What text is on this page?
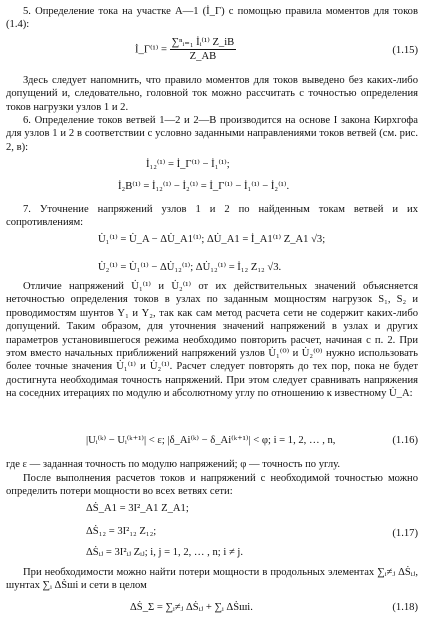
5. Определение тока на участке A—1 (İ_Г) с помощью правила моментов для токов (1.4):
İ_Г⁽¹⁾ = $\frac{\text{∑ⁿᵢ₌₁ İᵢ⁽¹⁾ Z\_iB}}{Z\_AB}$	(1.15)
Здесь следует напомнить, что правило моментов для токов выведено без каких-либо допущений и, следовательно, головной ток можно рассчитать с точностью определения токов нагрузки узлов 1 и 2.
6. Определение токов ветвей 1—2 и 2—B производится на основе I закона Кирхгофа для узлов 1 и 2 в соответствии с условно заданными направлениями токов ветвей (см. рис. 2, в):
İ₁₂⁽¹⁾ = İ_Г⁽¹⁾ − İ₁⁽¹⁾;
İ₂B⁽¹⁾ = İ₁₂⁽¹⁾ − İ₂⁽¹⁾ = İ_Г⁽¹⁾ − İ₁⁽¹⁾ − İ₂⁽¹⁾.
7. Уточнение напряжений узлов 1 и 2 по найденным токам ветвей и их сопротивлениям:
U̇₁⁽¹⁾ = U̇_A − ΔU̇_A1⁽¹⁾; ΔU̇_A1 = İ_A1⁽¹⁾ Z_A1 √3;
U̇₂⁽¹⁾ = U̇₁⁽¹⁾ − ΔU̇₁₂⁽¹⁾; ΔU̇₁₂⁽¹⁾ = İ₁₂ Z₁₂ √3.
Отличие напряжений U̇₁⁽¹⁾ и U̇₂⁽¹⁾ от их действительных значений объясняется неточностью определения токов в узлах по заданным мощностям нагрузок S₁, S₂ и проводимостям шунтов Y₁ и Y₂, так как сам метод расчета сети не содержит каких-либо допущений. Таким образом, для уточнения значений напряжений в узлах и других параметров установившегося режима необходимо повторить расчет, начиная с п. 2. При этом вместо начальных приближений напряжений узлов U̇₁⁽⁰⁾ и U̇₂⁽⁰⁾ нужно использовать более точные значения U̇₁⁽¹⁾ и U̇₂⁽¹⁾. Расчет следует повторять до тех пор, пока не будет достигнута необходимая точность напряжений. При этом следует сравнивать напряжения на соседних итерациях по модулю и абсолютному углу по отношению к известному U̇_A:
|Uᵢ⁽ᵏ⁾ − Uᵢ⁽ᵏ⁺¹⁾| < ε; |δ_Ai⁽ᵏ⁾ − δ_Ai⁽ᵏ⁺¹⁾| < φ; i = 1, 2, … , n,	(1.16)
где ε — заданная точность по модулю напряжений; φ — точность по углу.
После выполнения расчетов токов и напряжений с необходимой точностью можно определить потери мощности во всех ветвях сети:
ΔṠ_A1 = 3I²_A1 Z_A1;
ΔṠ₁₂ = 3I²₁₂ Z₁₂;	(1.17)
ΔṠᵢⱼ = 3I²ᵢⱼ Zᵢⱼ; i, j = 1, 2, … , n; i ≠ j.
При необходимости можно найти потери мощности в продольных элементах ∑ᵢ≠ⱼ ΔṠᵢⱼ, шунтах ∑ᵢ ΔṠшi и сети в целом
ΔṠ_Σ = ∑ᵢ≠ⱼ ΔṠᵢⱼ + ∑ᵢ ΔṠшi.	(1.18)
